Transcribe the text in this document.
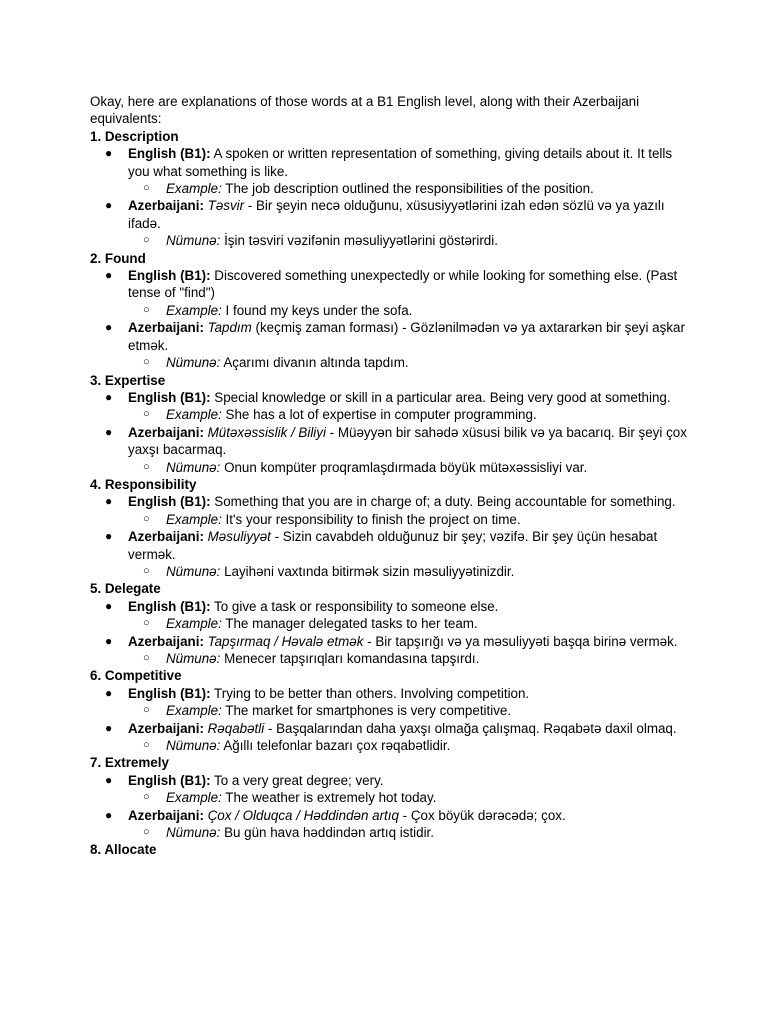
Okay, here are explanations of those words at a B1 English level, along with their Azerbaijani equivalents:

1. Description

● English (B1): A spoken or written representation of something, giving details about it. It tells you what something is like.
○ Example: The job description outlined the responsibilities of the position.
● Azerbaijani: Təsvir - Bir şeyin necə olduğunu, xüsusiyyətlərini izah edən sözlü və ya yazılı ifadə.
○ Nümunə: İşin təsviri vəzifənin məsuliyyətlərini göstərirdi.

2. Found

● English (B1): Discovered something unexpectedly or while looking for something else. (Past tense of "find")
○ Example: I found my keys under the sofa.
● Azerbaijani: Tapdım (keçmiş zaman forması) - Gözlənilmədən və ya axtararkən bir şeyi aşkar etmək.
○ Nümunə: Açarımı divanın altında tapdım.

3. Expertise

● English (B1): Special knowledge or skill in a particular area. Being very good at something.
○ Example: She has a lot of expertise in computer programming.
● Azerbaijani: Mütəxəssislik / Biliyi - Müəyyən bir sahədə xüsusi bilik və ya bacarıq. Bir şeyi çox yaxşı bacarmaq.
○ Nümunə: Onun kompüter proqramlaşdırmada böyük mütəxəssisliyi var.

4. Responsibility

● English (B1): Something that you are in charge of; a duty. Being accountable for something.
○ Example: It's your responsibility to finish the project on time.
● Azerbaijani: Məsuliyyət - Sizin cavabdeh olduğunuz bir şey; vəzifə. Bir şey üçün hesabat vermək.
○ Nümunə: Layihəni vaxtında bitirmək sizin məsuliyyətinizdir.

5. Delegate

● English (B1): To give a task or responsibility to someone else.
○ Example: The manager delegated tasks to her team.
● Azerbaijani: Tapşırmaq / Həvalə etmək - Bir tapşırığı və ya məsuliyyəti başqa birinə vermək.
○ Nümunə: Menecer tapşırıqları komandasına tapşırdı.

6. Competitive

● English (B1): Trying to be better than others. Involving competition.
○ Example: The market for smartphones is very competitive.
● Azerbaijani: Rəqabətli - Başqalarından daha yaxşı olmağa çalışmaq. Rəqabətə daxil olmaq.
○ Nümunə: Ağıllı telefonlar bazarı çox rəqabətlidir.

7. Extremely

● English (B1): To a very great degree; very.
○ Example: The weather is extremely hot today.
● Azerbaijani: Çox / Olduqca / Həddindən artıq - Çox böyük dərəcədə; çox.
○ Nümunə: Bu gün hava həddindən artıq istidir.

8. Allocate
